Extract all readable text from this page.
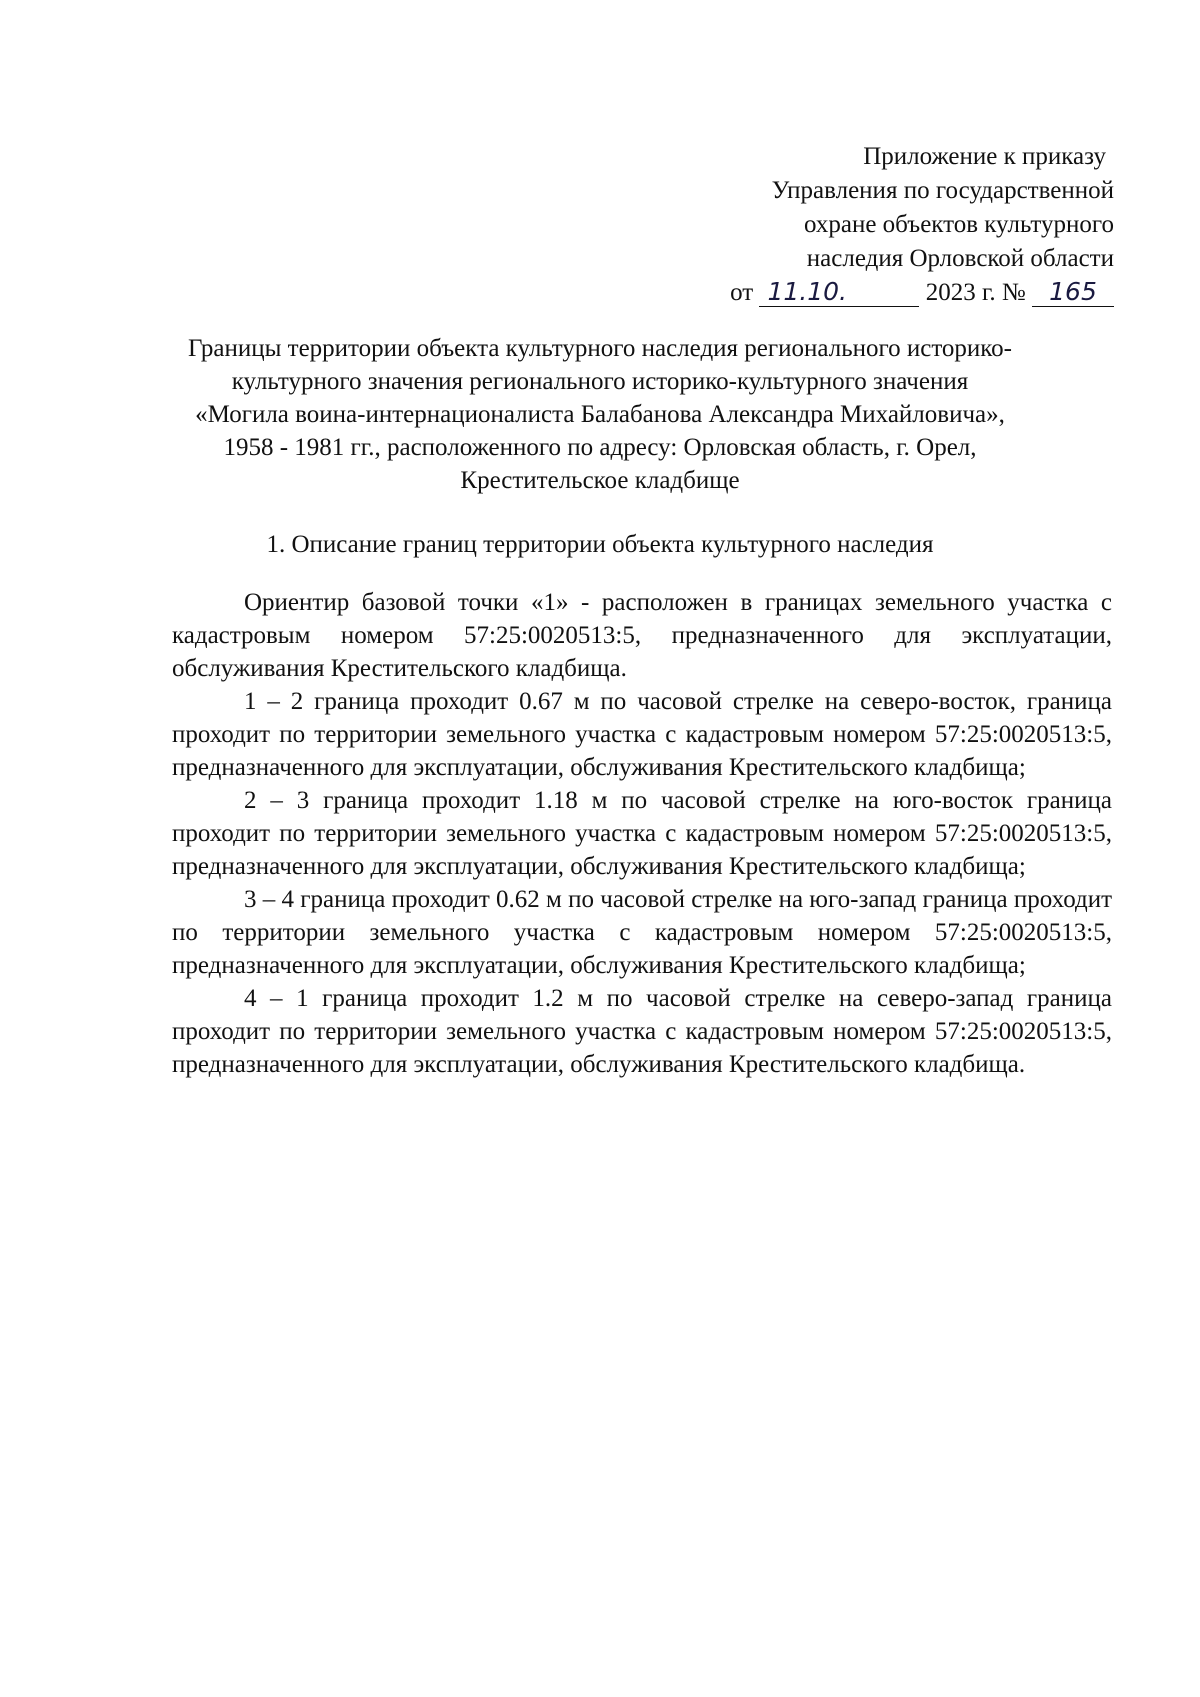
Приложение к приказу
Управления по государственной
охране объектов культурного
наследия Орловской области
от 11.10.	2023 г. № 165
Границы территории объекта культурного наследия регионального историко-
культурного значения регионального историко-культурного значения
«Могила воина-интернационалиста Балабанова Александра Михайловича»,
1958 - 1981 гг., расположенного по адресу: Орловская область, г. Орел,
Крестительское кладбище
1. Описание границ территории объекта культурного наследия

Ориентир базовой точки «1» - расположен в границах земельного участка с кадастровым номером 57:25:0020513:5, предназначенного для эксплуатации, обслуживания Крестительского кладбища.

1 – 2 граница проходит 0.67 м по часовой стрелке на северо-восток, граница проходит по территории земельного участка с кадастровым номером 57:25:0020513:5, предназначенного для эксплуатации, обслуживания Крестительского кладбища;

2 – 3 граница проходит 1.18 м по часовой стрелке на юго-восток граница проходит по территории земельного участка с кадастровым номером 57:25:0020513:5, предназначенного для эксплуатации, обслуживания Крестительского кладбища;

3 – 4 граница проходит 0.62 м по часовой стрелке на юго-запад граница проходит по территории земельного участка с кадастровым номером 57:25:0020513:5, предназначенного для эксплуатации, обслуживания Крестительского кладбища;

4 – 1 граница проходит 1.2 м по часовой стрелке на северо-запад граница проходит по территории земельного участка с кадастровым номером 57:25:0020513:5, предназначенного для эксплуатации, обслуживания Крестительского кладбища.
